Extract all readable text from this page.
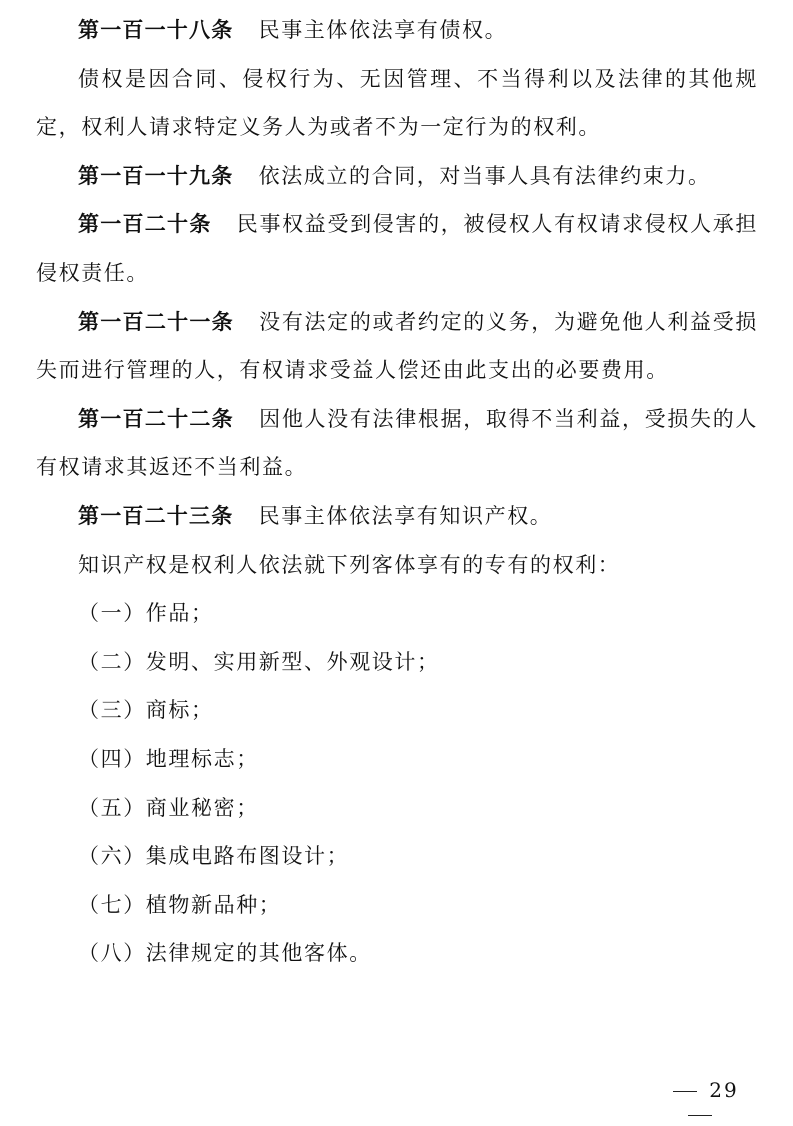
第一百一十八条 民事主体依法享有债权。

债权是因合同、侵权行为、无因管理、不当得利以及法律的其他规定，权利人请求特定义务人为或者不为一定行为的权利。

第一百一十九条 依法成立的合同，对当事人具有法律约束力。

第一百二十条 民事权益受到侵害的，被侵权人有权请求侵权人承担侵权责任。

第一百二十一条 没有法定的或者约定的义务，为避免他人利益受损失而进行管理的人，有权请求受益人偿还由此支出的必要费用。

第一百二十二条 因他人没有法律根据，取得不当利益，受损失的人有权请求其返还不当利益。

第一百二十三条 民事主体依法享有知识产权。

知识产权是权利人依法就下列客体享有的专有的权利：

（一）作品；

（二）发明、实用新型、外观设计；

（三）商标；

（四）地理标志；

（五）商业秘密；

（六）集成电路布图设计；

（七）植物新品种；

（八）法律规定的其他客体。

29
